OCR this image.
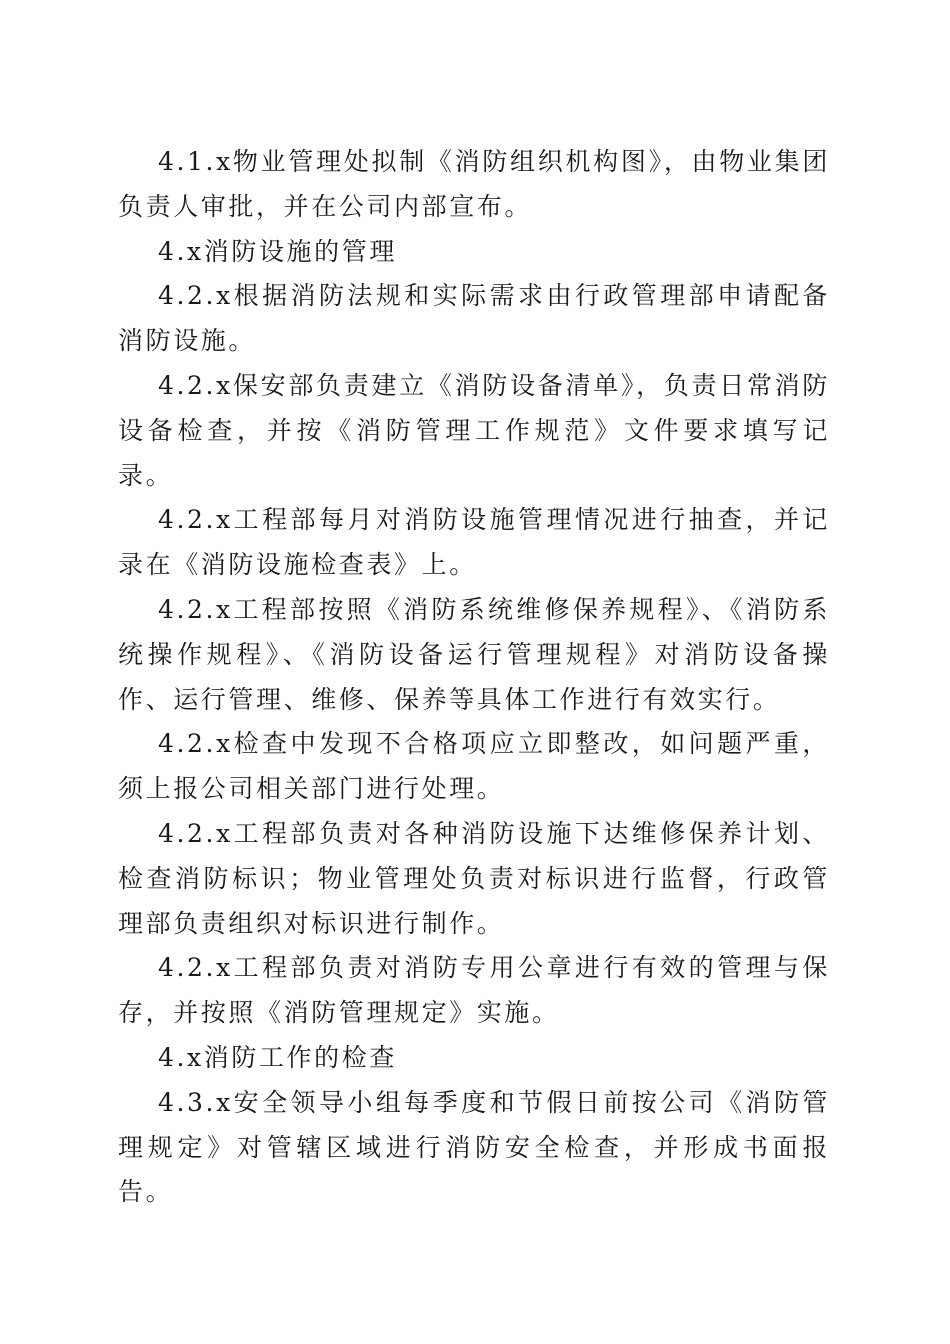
4.1.x物业管理处拟制《消防组织机构图》，由物业集团负责人审批，并在公司内部宣布。

4.x消防设施的管理

4.2.x根据消防法规和实际需求由行政管理部申请配备消防设施。

4.2.x保安部负责建立《消防设备清单》，负责日常消防设备检查，并按《消防管理工作规范》文件要求填写记录。

4.2.x工程部每月对消防设施管理情况进行抽查，并记录在《消防设施检查表》上。

4.2.x工程部按照《消防系统维修保养规程》、《消防系统操作规程》、《消防设备运行管理规程》对消防设备操作、运行管理、维修、保养等具体工作进行有效实行。

4.2.x检查中发现不合格项应立即整改，如问题严重，须上报公司相关部门进行处理。

4.2.x工程部负责对各种消防设施下达维修保养计划、检查消防标识；物业管理处负责对标识进行监督，行政管理部负责组织对标识进行制作。

4.2.x工程部负责对消防专用公章进行有效的管理与保存，并按照《消防管理规定》实施。

4.x消防工作的检查

4.3.x安全领导小组每季度和节假日前按公司《消防管理规定》对管辖区域进行消防安全检查，并形成书面报告。
